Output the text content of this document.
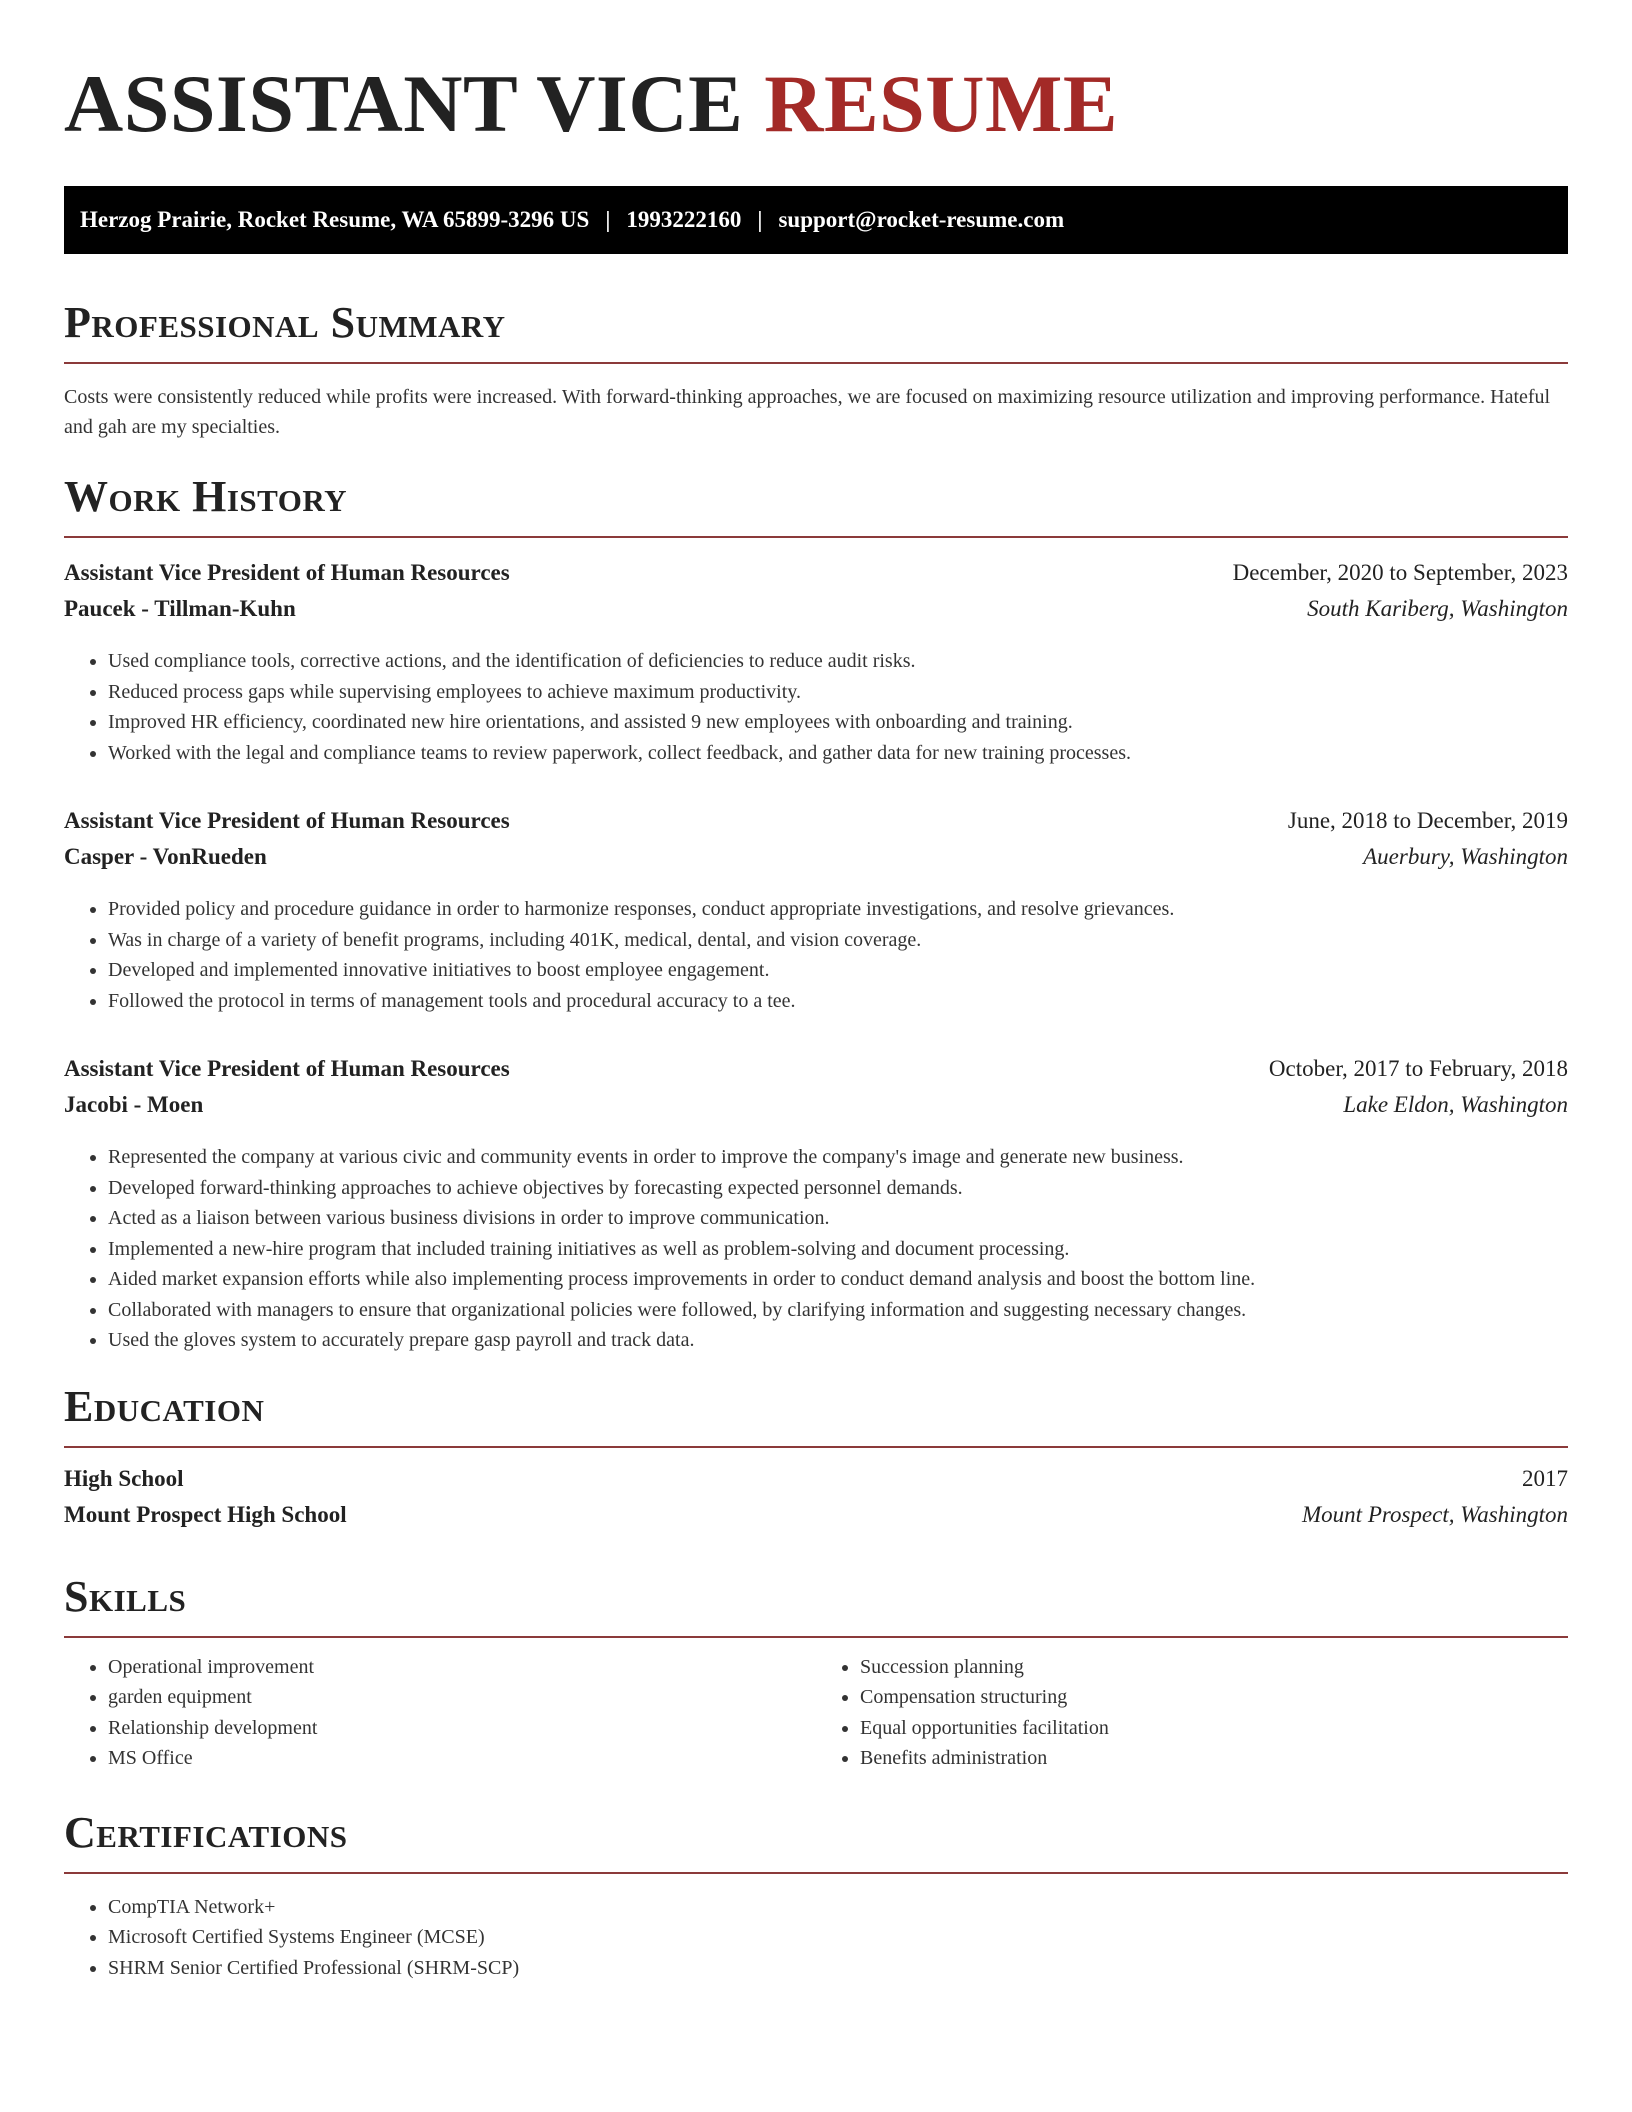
ASSISTANT VICE RESUME
Herzog Prairie, Rocket Resume, WA 65899-3296 US | 1993222160 | support@rocket-resume.com
Professional Summary

Costs were consistently reduced while profits were increased. With forward-thinking approaches, we are focused on maximizing resource utilization and improving performance. Hateful and gah are my specialties.

Work History
Assistant Vice President of Human Resources	December, 2020 to September, 2023
Paucek - Tillman-Kuhn	South Kariberg, Washington
• Used compliance tools, corrective actions, and the identification of deficiencies to reduce audit risks.
• Reduced process gaps while supervising employees to achieve maximum productivity.
• Improved HR efficiency, coordinated new hire orientations, and assisted 9 new employees with onboarding and training.
• Worked with the legal and compliance teams to review paperwork, collect feedback, and gather data for new training processes.
Assistant Vice President of Human Resources	June, 2018 to December, 2019
Casper - VonRueden	Auerbury, Washington
• Provided policy and procedure guidance in order to harmonize responses, conduct appropriate investigations, and resolve grievances.
• Was in charge of a variety of benefit programs, including 401K, medical, dental, and vision coverage.
• Developed and implemented innovative initiatives to boost employee engagement.
• Followed the protocol in terms of management tools and procedural accuracy to a tee.
Assistant Vice President of Human Resources	October, 2017 to February, 2018
Jacobi - Moen	Lake Eldon, Washington
• Represented the company at various civic and community events in order to improve the company's image and generate new business.
• Developed forward-thinking approaches to achieve objectives by forecasting expected personnel demands.
• Acted as a liaison between various business divisions in order to improve communication.
• Implemented a new-hire program that included training initiatives as well as problem-solving and document processing.
• Aided market expansion efforts while also implementing process improvements in order to conduct demand analysis and boost the bottom line.
• Collaborated with managers to ensure that organizational policies were followed, by clarifying information and suggesting necessary changes.
• Used the gloves system to accurately prepare gasp payroll and track data.
Education
High School	2017
Mount Prospect High School	Mount Prospect, Washington
Skills
• Operational improvement
• garden equipment
• Relationship development
• MS Office
• Succession planning
• Compensation structuring
• Equal opportunities facilitation
• Benefits administration
Certifications
• CompTIA Network+
• Microsoft Certified Systems Engineer (MCSE)
• SHRM Senior Certified Professional (SHRM-SCP)
